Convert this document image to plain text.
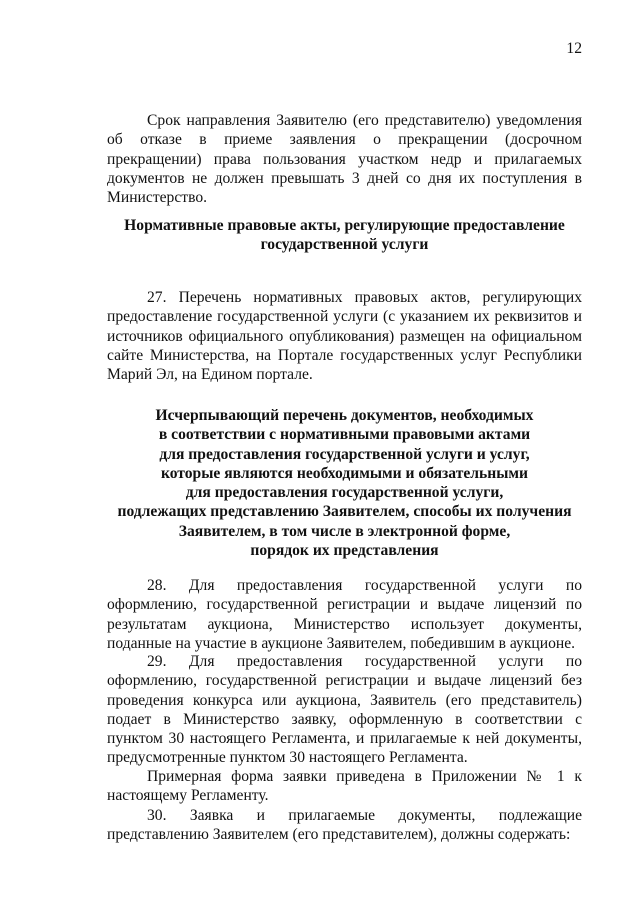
12

Срок направления Заявителю (его представителю) уведомления об отказе в приеме заявления о прекращении (досрочном прекращении) права пользования участком недр и прилагаемых документов не должен превышать 3 дней со дня их поступления в Министерство.

Нормативные правовые акты, регулирующие предоставление
государственной услуги

27. Перечень нормативных правовых актов, регулирующих предоставление государственной услуги (с указанием их реквизитов и источников официального опубликования) размещен на официальном сайте Министерства, на Портале государственных услуг Республики Марий Эл, на Едином портале.

Исчерпывающий перечень документов, необходимых
в соответствии с нормативными правовыми актами
для предоставления государственной услуги и услуг,
которые являются необходимыми и обязательными
для предоставления государственной услуги,
подлежащих представлению Заявителем, способы их получения
Заявителем, в том числе в электронной форме,
порядок их представления

28. Для предоставления государственной услуги по оформлению, государственной регистрации и выдаче лицензий по результатам аукциона, Министерство использует документы, поданные на участие в аукционе Заявителем, победившим в аукционе.

29. Для предоставления государственной услуги по оформлению, государственной регистрации и выдаче лицензий без проведения конкурса или аукциона, Заявитель (его представитель) подает в Министерство заявку, оформленную в соответствии с пунктом 30 настоящего Регламента, и прилагаемые к ней документы, предусмотренные пунктом 30 настоящего Регламента.

Примерная форма заявки приведена в Приложении № 1 к настоящему Регламенту.

30. Заявка и прилагаемые документы, подлежащие представлению Заявителем (его представителем), должны содержать:
